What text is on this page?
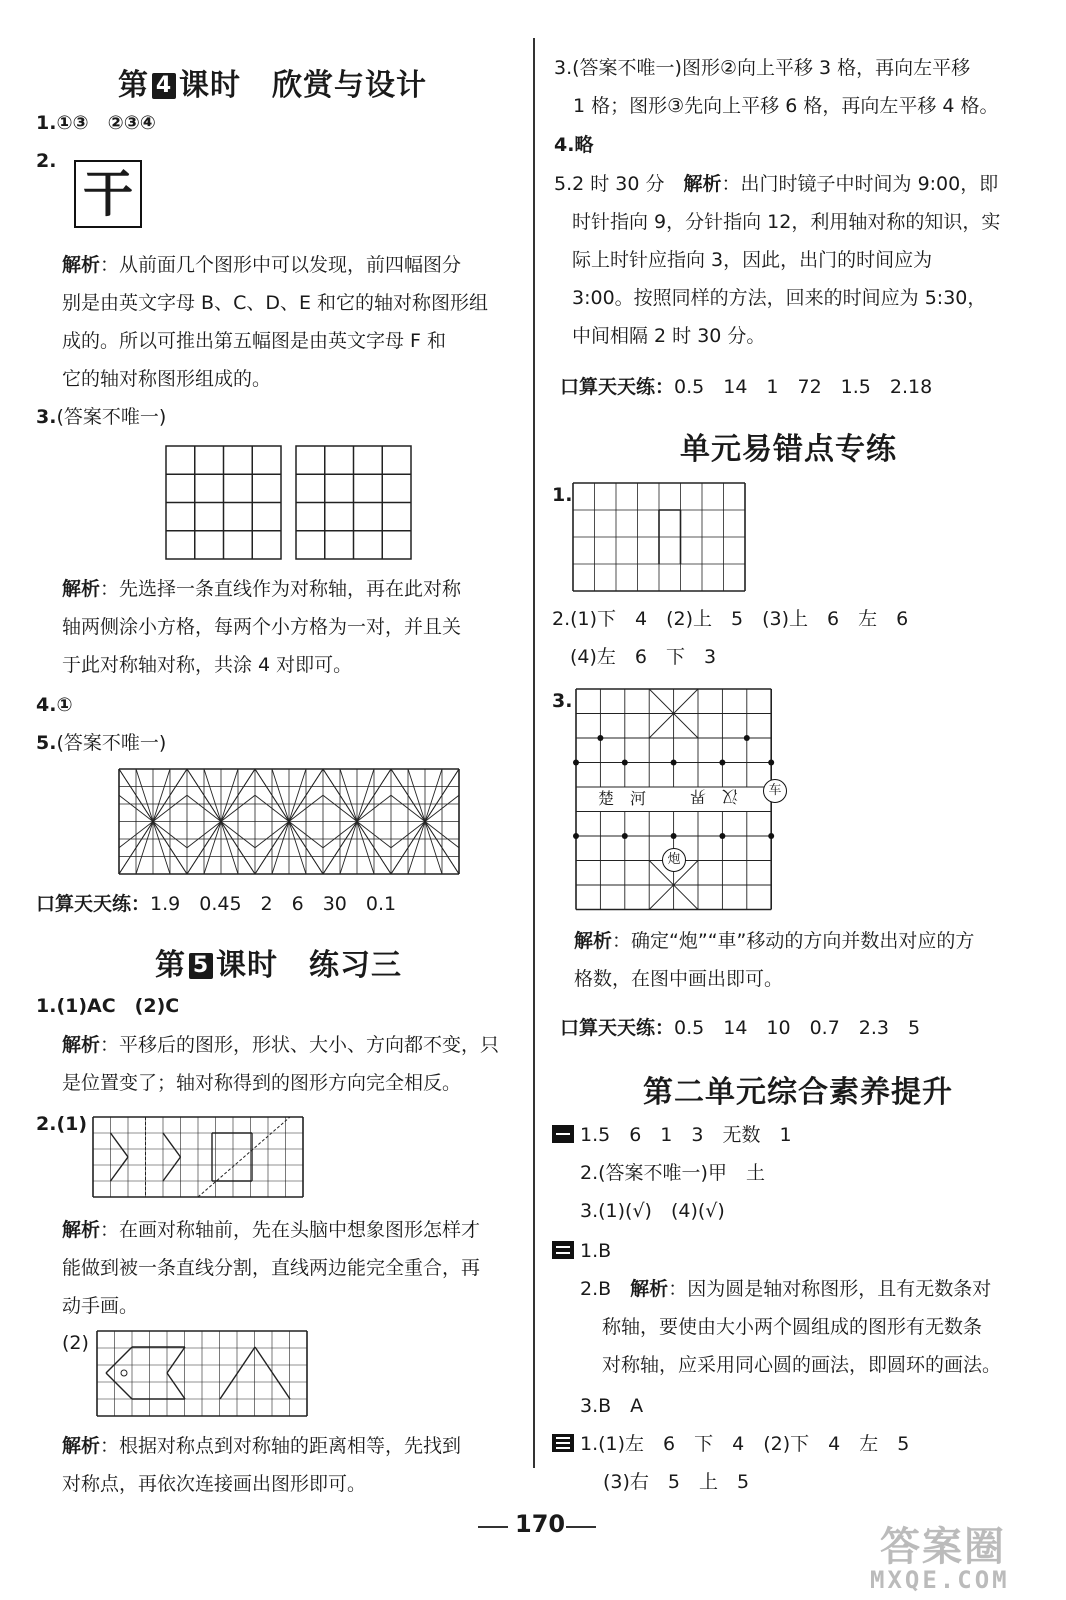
第 4 课时　欣赏与设计
1.①③　②③④
2.
干
解析：从前面几个图形中可以发现，前四幅图分
别是由英文字母 B、C、D、E 和它的轴对称图形组
成的。所以可推出第五幅图是由英文字母 F 和
它的轴对称图形组成的。
3.(答案不唯一)
解析：先选择一条直线作为对称轴，再在此对称
轴两侧涂小方格，每两个小方格为一对，并且关
于此对称轴对称，共涂 4 对即可。
4.①
5.(答案不唯一)
口算天天练：1.9　0.45　2　6　30　0.1
第 5 课时　练习三
1.(1)AC　(2)C
解析：平移后的图形，形状、大小、方向都不变，只
是位置变了；轴对称得到的图形方向完全相反。
2.(1)
解析：在画对称轴前，先在头脑中想象图形怎样才
能做到被一条直线分割，直线两边能完全重合，再
动手画。
(2)
解析：根据对称点到对称轴的距离相等，先找到
对称点，再依次连接画出图形即可。
3.(答案不唯一)图形②向上平移 3 格，再向左平移
　1 格；图形③先向上平移 6 格，再向左平移 4 格。
4.略
5.2 时 30 分　解析：出门时镜子中时间为 9:00，即
时针指向 9，分针指向 12，利用轴对称的知识，实
际上时针应指向 3，因此，出门的时间应为
3:00。按照同样的方法，回来的时间应为 5:30，
中间相隔 2 时 30 分。
口算天天练：0.5　14　1　72　1.5　2.18
单元易错点专练
1.
2.(1)下　4　(2)上　5　(3)上　6　左　6
(4)左　6　下　3
3.
楚　河	汉　界	车
炮
解析：确定“炮”“車”移动的方向并数出对应的方
格数，在图中画出即可。
口算天天练：0.5　14　10　0.7　2.3　5
第二单元综合素养提升
1.5　6　1　3　无数　1
2.(答案不唯一)甲　土
3.(1)(√)　(4)(√)
1.B
2.B　解析：因为圆是轴对称图形，且有无数条对
称轴，要使由大小两个圆组成的图形有无数条
对称轴，应采用同心圆的画法，即圆环的画法。
3.B　A
1.(1)左　6　下　4　(2)下　4　左　5
(3)右　5　上　5
170	答案圈
MXQE.COM
